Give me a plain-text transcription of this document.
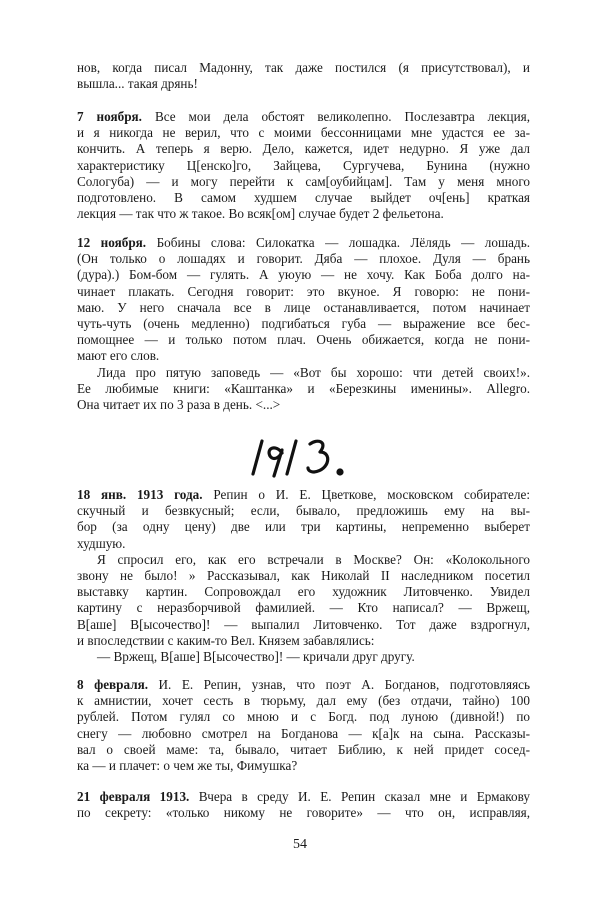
нов, когда писал Мадонну, так даже постился (я присутствовал), и
вышла... такая дрянь!
7 ноября. Все мои дела обстоят великолепно. Послезавтра лекция,
и я никогда не верил, что с моими бессонницами мне удастся ее за-
кончить. А теперь я верю. Дело, кажется, идет недурно. Я уже дал
характеристику Ц[енско]го, Зайцева, Сургучева, Бунина (нужно
Сологуба) — и могу перейти к сам[оубийцам]. Там у меня много
подготовлено. В самом худшем случае выйдет оч[ень] краткая
лекция — так что ж такое. Во всяк[ом] случае будет 2 фельетона.
12 ноября. Бобины слова: Силокатка — лошадка. Лёлядь — лошадь.
(Он только о лошадях и говорит. Дяба — плохое. Дуля — брань
(дура).) Бом-бом — гулять. А уюую — не хочу. Как Боба долго на-
чинает плакать. Сегодня говорит: это вкуное. Я говорю: не пони-
маю. У него сначала все в лице останавливается, потом начинает
чуть-чуть (очень медленно) подгибаться губа — выражение все бес-
помощнее — и только потом плач. Очень обижается, когда не пони-
мают его слов.
Лида про пятую заповедь — «Вот бы хорошо: чти детей своих!».
Ее любимые книги: «Каштанка» и «Березкины именины». Allegro.
Она читает их по 3 раза в день. <...>
18 янв. 1913 года. Репин о И. Е. Цветкове, московском собирателе:
скучный и безвкусный; если, бывало, предложишь ему на вы-
бор (за одну цену) две или три картины, непременно выберет
худшую.
Я спросил его, как его встречали в Москве? Он: «Колокольного
звону не было! » Рассказывал, как Николай II наследником посетил
выставку картин. Сопровождал его художник Литовченко. Увидел
картину с неразборчивой фамилией. — Кто написал? — Вржещ,
В[аше] В[ысочество]! — выпалил Литовченко. Тот даже вздрогнул,
и впоследствии с каким-то Вел. Князем забавлялись:
— Вржещ, В[аше] В[ысочество]! — кричали друг другу.
8 февраля. И. Е. Репин, узнав, что поэт А. Богданов, подготовляясь
к амнистии, хочет сесть в тюрьму, дал ему (без отдачи, тайно) 100
рублей. Потом гулял со мною и с Богд. под луною (дивной!) по
снегу — любовно смотрел на Богданова — к[а]к на сына. Рассказы-
вал о своей маме: та, бывало, читает Библию, к ней придет сосед-
ка — и плачет: о чем же ты, Фимушка?
21 февраля 1913. Вчера в среду И. Е. Репин сказал мне и Ермакову
по секрету: «только никому не говорите» — что он, исправляя,
54
